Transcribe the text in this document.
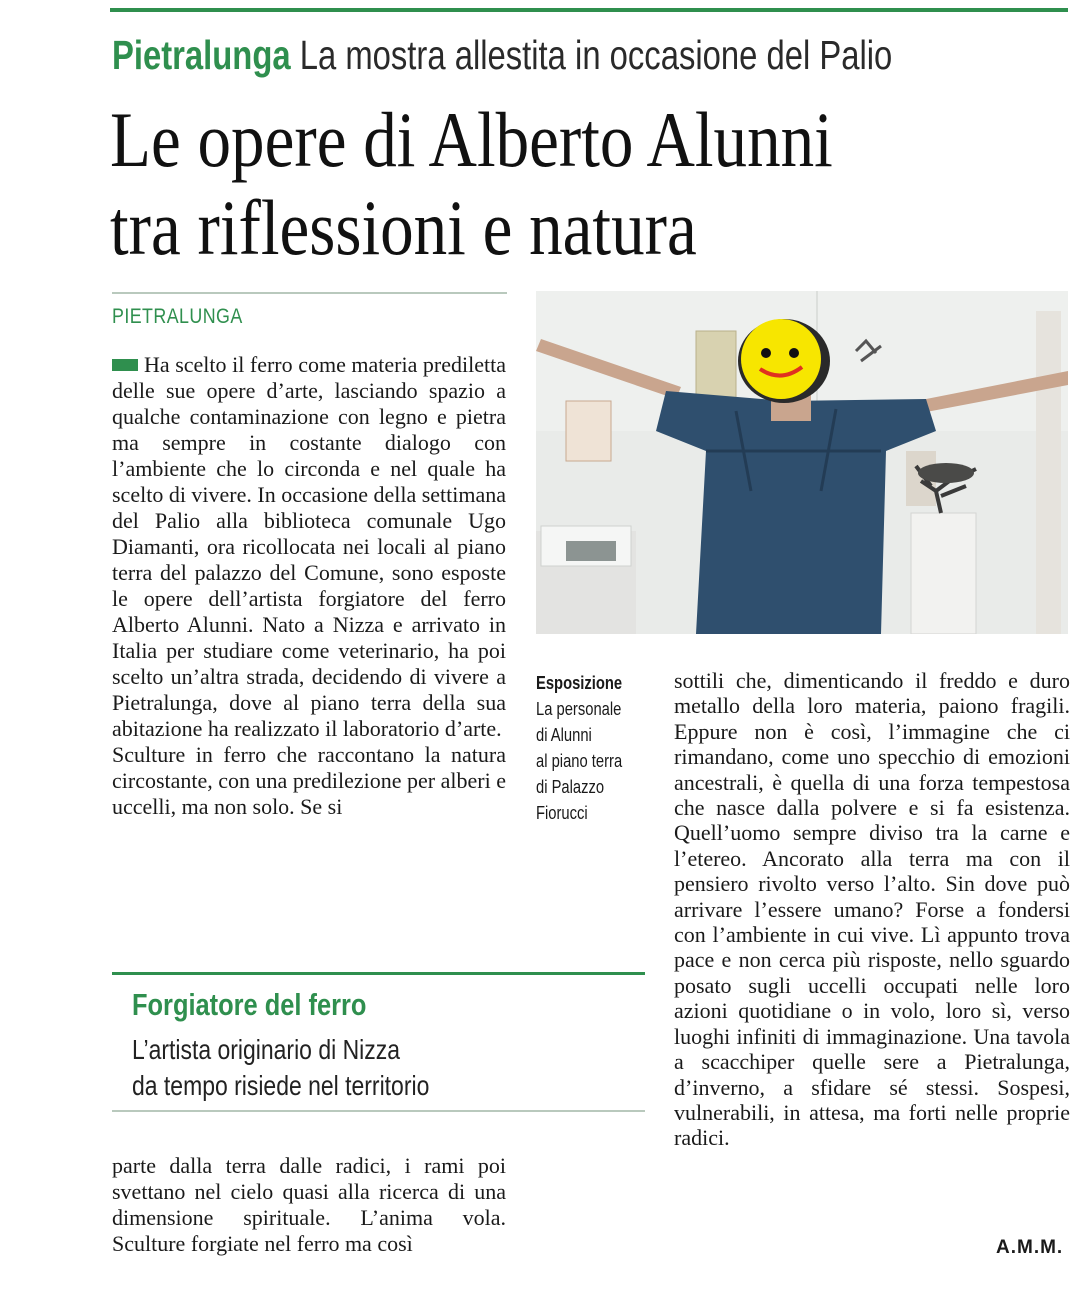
Pietralunga La mostra allestita in occasione del Palio
Le opere di Alberto Alunni
tra riflessioni e natura
PIETRALUNGA

Ha scelto il ferro come materia prediletta delle sue opere d’arte, lasciando spazio a qualche contaminazione con legno e pietra ma sempre in costante dialogo con l’ambiente che lo circonda e nel quale ha scelto di vivere. In occasione della settimana del Palio alla biblioteca comunale Ugo Diamanti, ora ricollocata nei locali al piano terra del palazzo del Comune, sono esposte le opere dell’artista forgiatore del ferro Alberto Alunni. Nato a Nizza e arrivato in Italia per studiare come veterinario, ha poi scelto un’altra strada, decidendo di vivere a Pietralunga, dove al piano terra della sua abitazione ha realizzato il laboratorio d’arte.

Sculture in ferro che raccontano la natura circostante, con una predilezione per alberi e uccelli, ma non solo. Se si

Forgiatore del ferro
L’artista originario di Nizza
da tempo risiede nel territorio
parte dalla terra dalle radici, i rami poi svettano nel cielo quasi alla ricerca di una dimensione spirituale. L’anima vola. Sculture forgiate nel ferro ma così
Esposizione
La personale
di Alunni
al piano terra
di Palazzo
Fiorucci
sottili che, dimenticando il freddo e duro metallo della loro materia, paiono fragili. Eppure non è così, l’immagine che ci rimandano, come uno specchio di emozioni ancestrali, è quella di una forza tempestosa che nasce dalla polvere e si fa esistenza. Quell’uomo sempre diviso tra la carne e l’etereo. Ancorato alla terra ma con il pensiero rivolto verso l’alto. Sin dove può arrivare l’essere umano? Forse a fondersi con l’ambiente in cui vive. Lì appunto trova pace e non cerca più risposte, nello sguardo posato sugli uccelli occupati nelle loro azioni quotidiane o in volo, loro sì, verso luoghi infiniti di immaginazione. Una tavola a scacchiper quelle sere a Pietralunga, d’inverno, a sfidare sé stessi. Sospesi, vulnerabili, in attesa, ma forti nelle proprie radici.
A.M.M.
